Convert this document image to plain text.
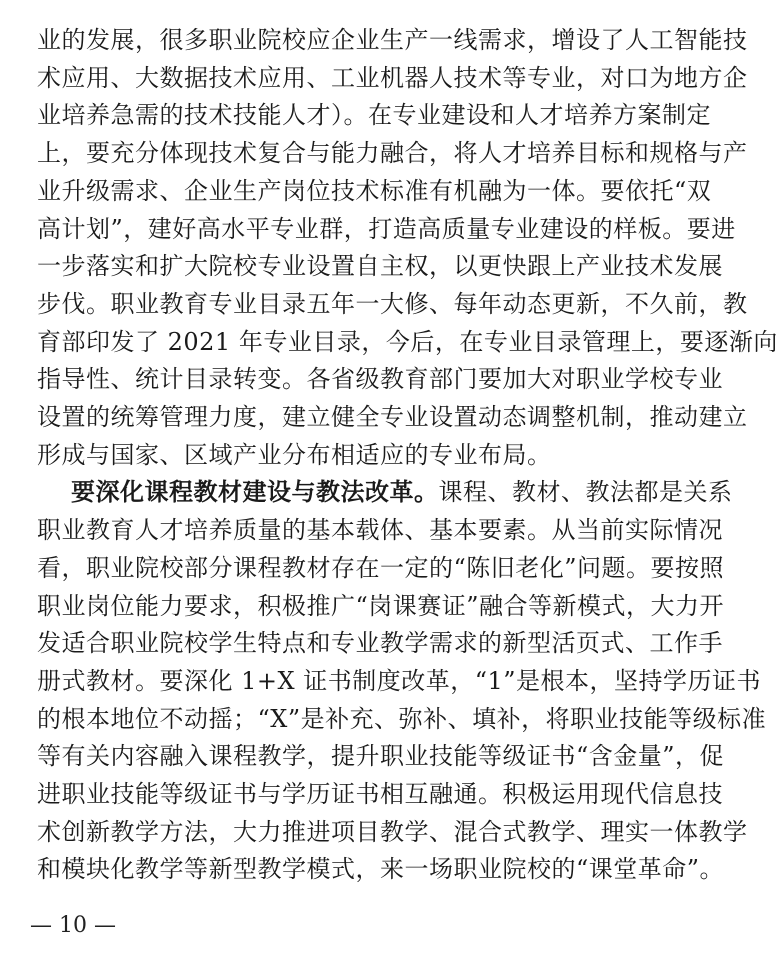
业的发展，很多职业院校应企业生产一线需求，增设了人工智能技
术应用、大数据技术应用、工业机器人技术等专业，对口为地方企
业培养急需的技术技能人才）。在专业建设和人才培养方案制定
上，要充分体现技术复合与能力融合，将人才培养目标和规格与产
业升级需求、企业生产岗位技术标准有机融为一体。要依托“双
高计划”，建好高水平专业群，打造高质量专业建设的样板。要进
一步落实和扩大院校专业设置自主权，以更快跟上产业技术发展
步伐。职业教育专业目录五年一大修、每年动态更新，不久前，教
育部印发了 2021 年专业目录，今后，在专业目录管理上，要逐渐向
指导性、统计目录转变。各省级教育部门要加大对职业学校专业
设置的统筹管理力度，建立健全专业设置动态调整机制，推动建立
形成与国家、区域产业分布相适应的专业布局。
要深化课程教材建设与教法改革。课程、教材、教法都是关系
职业教育人才培养质量的基本载体、基本要素。从当前实际情况
看，职业院校部分课程教材存在一定的“陈旧老化”问题。要按照
职业岗位能力要求，积极推广“岗课赛证”融合等新模式，大力开
发适合职业院校学生特点和专业教学需求的新型活页式、工作手
册式教材。要深化 1+X 证书制度改革，“1”是根本，坚持学历证书
的根本地位不动摇；“X”是补充、弥补、填补，将职业技能等级标准
等有关内容融入课程教学，提升职业技能等级证书“含金量”，促
进职业技能等级证书与学历证书相互融通。积极运用现代信息技
术创新教学方法，大力推进项目教学、混合式教学、理实一体教学
和模块化教学等新型教学模式，来一场职业院校的“课堂革命”。
— 10 —
